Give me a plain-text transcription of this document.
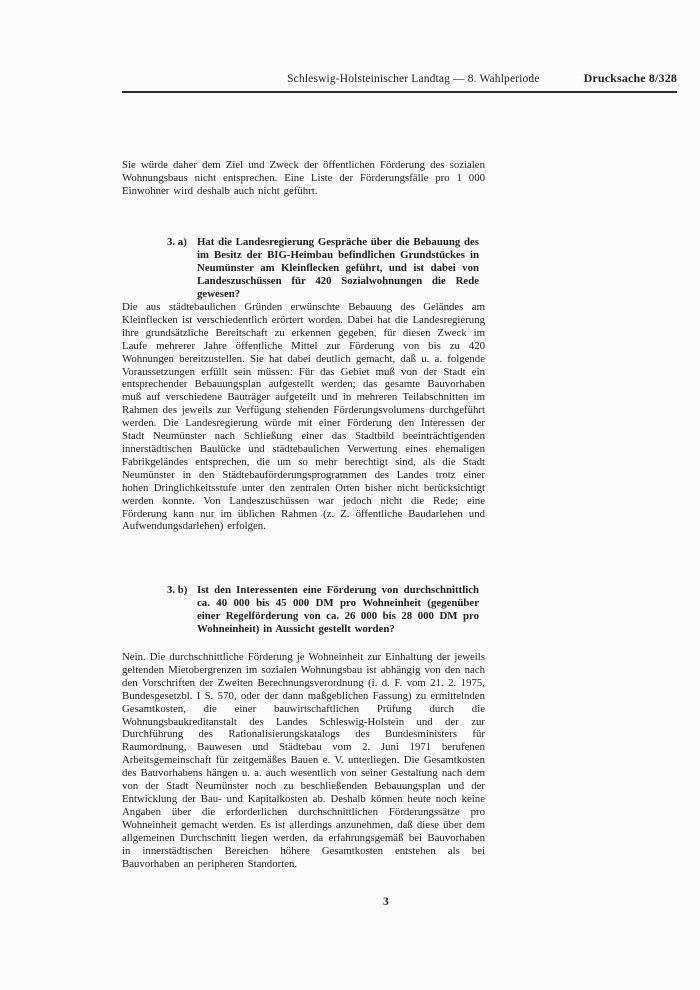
Schleswig-Holsteinischer Landtag — 8. Wahlperiode	Drucksache 8/328

Sie würde daher dem Ziel und Zweck der öffentlichen Förderung des sozialen Wohnungsbaus nicht entsprechen. Eine Liste der Förderungsfälle pro 1 000 Einwohner wird deshalb auch nicht geführt.

3. a) Hat die Landesregierung Gespräche über die Bebauung des im Besitz der BIG-Heimbau befindlichen Grundstückes in Neumünster am Kleinflecken geführt, und ist dabei von Landeszuschüssen für 420 Sozialwohnungen die Rede gewesen?

Die aus städtebaulichen Gründen erwünschte Bebauung des Geländes am Kleinflecken ist verschiedentlich erörtert worden. Dabei hat die Landesregierung ihre grundsätzliche Bereitschaft zu erkennen gegeben, für diesen Zweck im Laufe mehrerer Jahre öffentliche Mittel zur Förderung von bis zu 420 Wohnungen bereitzustellen. Sie hat dabei deutlich gemacht, daß u. a. folgende Voraussetzungen erfüllt sein müssen: Für das Gebiet muß von der Stadt ein entsprechender Bebauungsplan aufgestellt werden; das gesamte Bauvorhaben muß auf verschiedene Bauträger aufgeteilt und in mehreren Teilabschnitten im Rahmen des jeweils zur Verfügung stehenden Förderungsvolumens durchgeführt werden. Die Landesregierung würde mit einer Förderung den Interessen der Stadt Neumünster nach Schließung einer das Stadtbild beeinträchtigenden innerstädtischen Baulücke und städtebaulichen Verwertung eines ehemaligen Fabrikgeländes entsprechen, die um so mehr berechtigt sind, als die Stadt Neumünster in den Städtebauförderungsprogrammen des Landes trotz einer hohen Dringlichkeitsstufe unter den zentralen Orten bisher nicht berücksichtigt werden konnte. Von Landeszuschüssen war jedoch nicht die Rede; eine Förderung kann nur im üblichen Rahmen (z. Z. öffentliche Baudarlehen und Aufwendungsdarlehen) erfolgen.

3. b) Ist den Interessenten eine Förderung von durchschnittlich ca. 40 000 bis 45 000 DM pro Wohneinheit (gegenüber einer Regelförderung von ca. 26 000 bis 28 000 DM pro Wohneinheit) in Aussicht gestellt worden?

Nein. Die durchschnittliche Förderung je Wohneinheit zur Einhaltung der jeweils geltenden Mietobergrenzen im sozialen Wohnungsbau ist abhängig von den nach den Vorschriften der Zweiten Berechnungsverordnung (i. d. F. vom 21. 2. 1975, Bundesgesetzbl. I S. 570, oder der dann maßgeblichen Fassung) zu ermittelnden Gesamtkosten, die einer bauwirtschaftlichen Prüfung durch die Wohnungsbaukreditanstalt des Landes Schleswig-Holstein und der zur Durchführung des Rationalisierungskatalogs des Bundesministers für Raumordnung, Bauwesen und Städtebau vom 2. Juni 1971 berufenen Arbeitsgemeinschaft für zeitgemäßes Bauen e. V. unterliegen. Die Gesamtkosten des Bauvorhabens hängen u. a. auch wesentlich von seiner Gestaltung nach dem von der Stadt Neumünster noch zu beschließenden Bebauungsplan und der Entwicklung der Bau- und Kapitalkosten ab. Deshalb können heute noch keine Angaben über die erforderlichen durchschnittlichen Förderungssätze pro Wohneinheit gemacht werden. Es ist allerdings anzunehmen, daß diese über dem allgemeinen Durchschnitt liegen werden, da erfahrungsgemäß bei Bauvorhaben in innerstädtischen Bereichen höhere Gesamtkosten entstehen als bei Bauvorhaben an peripheren Standorten.

3
